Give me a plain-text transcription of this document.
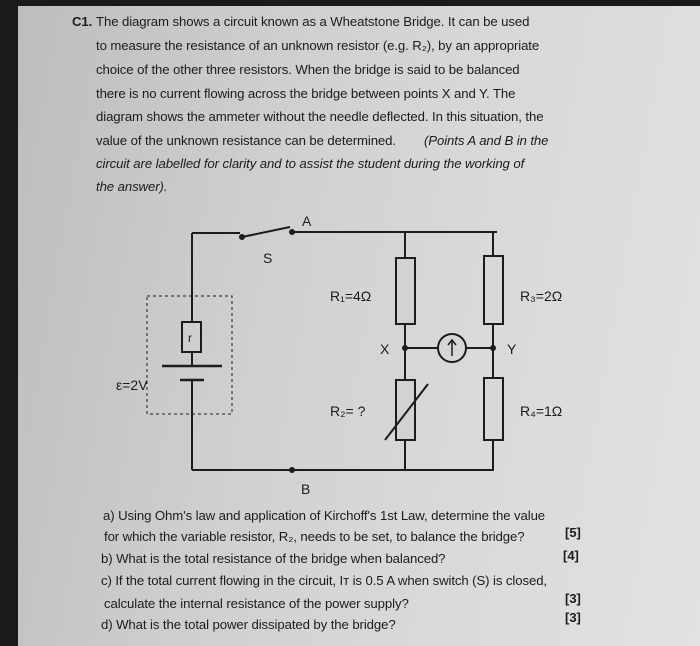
C1. The diagram shows a circuit known as a Wheatstone Bridge. It can be used
to measure the resistance of an unknown resistor (e.g. R₂), by an appropriate
choice of the other three resistors. When the bridge is said to be balanced
there is no current flowing across the bridge between points X and Y. The
diagram shows the ammeter without the needle deflected. In this situation, the
value of the unknown resistance can be determined. (Points A and B in the
circuit are labelled for clarity and to assist the student during the working of
the answer).
A
S
R₁=4Ω	R₃=2Ω
X	Y
r
ε=2V
R₂= ?	R₄=1Ω
B
a) Using Ohm's law and application of Kirchoff's 1st Law, determine the value
for which the variable resistor, R₂, needs to be set, to balance the bridge?	[5]
b) What is the total resistance of the bridge when balanced?	[4]
c) If the total current flowing in the circuit, Iт is 0.5 A when switch (S) is closed,
calculate the internal resistance of the power supply?	[3]
d) What is the total power dissipated by the bridge?	[3]
